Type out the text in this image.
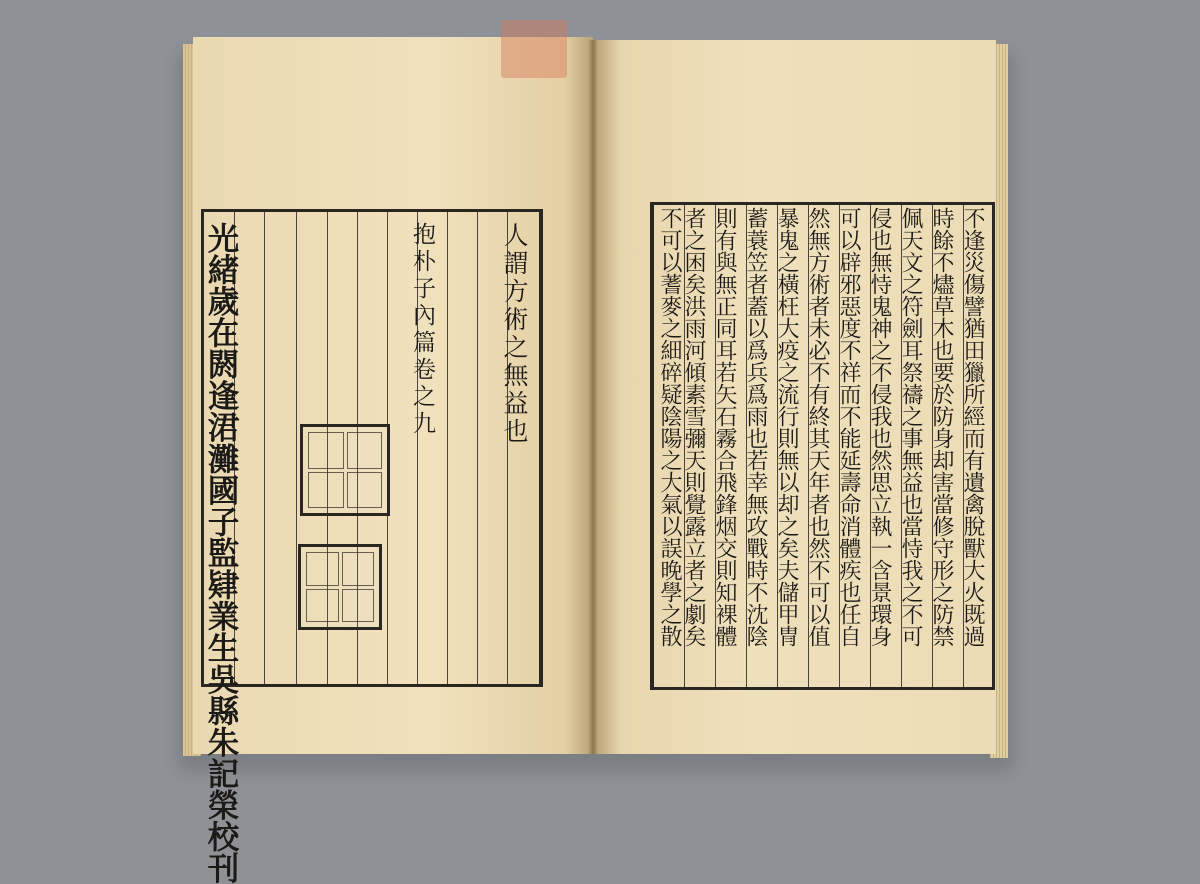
光緒歲在閼逢涒灘國子監肄業生吳縣朱記榮校刊	抱朴子內篇卷之九	人謂方術之無益也	不逢災傷譬猶田獵所經而有遺禽脫獸大火既過
時餘不燼草木也要於防身却害當修守形之防禁
佩天文之符劍耳祭禱之事無益也當恃我之不可
侵也無恃鬼神之不侵我也然思立執一含景環身
可以辟邪惡度不祥而不能延壽命消體疾也任自
然無方術者未必不有終其天年者也然不可以值
暴鬼之橫枉大疫之流行則無以却之矣夫儲甲冑
蓄蓑笠者蓋以爲兵爲雨也若幸無攻戰時不沈陰
則有與無正同耳若矢石霧合飛鋒烟交則知裸體
者之困矣洪雨河傾素雪彌天則覺露立者之劇矣
不可以蓍麥之細碎疑陰陽之大氣以誤晚學之散
